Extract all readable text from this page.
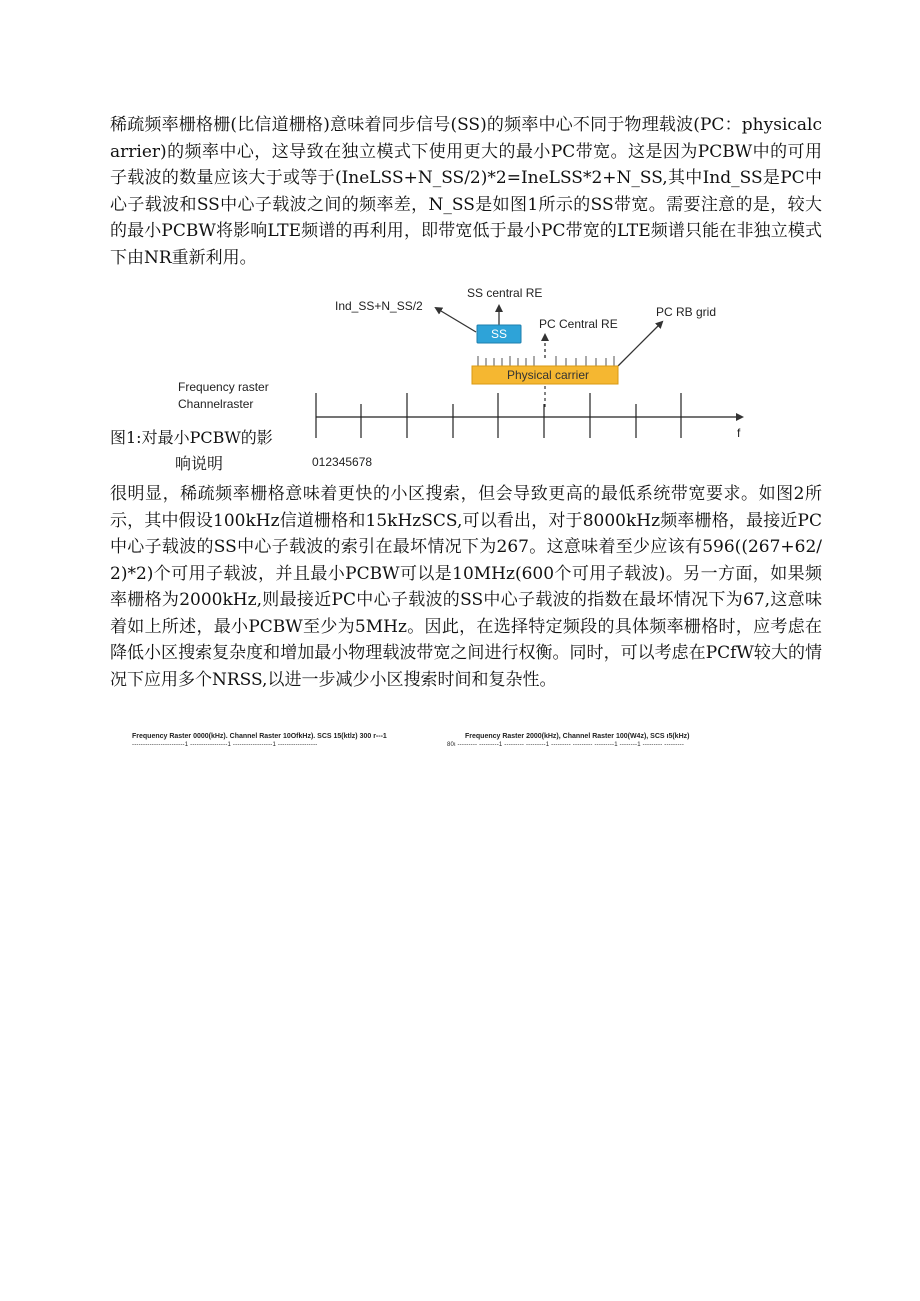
稀疏频率栅格栅(比信道栅格)意味着同步信号(SS)的频率中心不同于物理载波(PC：physicalcarrier)的频率中心，这导致在独立模式下使用更大的最小PC带宽。这是因为PCBW中的可用子载波的数量应该大于或等于(IneLSS+N_SS/2)*2=IneLSS*2+N_SS,其中Ind_SS是PC中心子载波和SS中心子载波之间的频率差，N_SS是如图1所示的SS带宽。需要注意的是，较大的最小PCBW将影响LTE频谱的再利用，即带宽低于最小PC带宽的LTE频谱只能在非独立模式下由NR重新利用。

Ind_SS+N_SS/2
SS central RE
PC Central RE
PC RB grid
SS
Physical carrier
Frequency raster
Channelraster
f
012345678
图1:对最小PCBW的影
响说明

很明显，稀疏频率栅格意味着更快的小区搜索，但会导致更高的最低系统带宽要求。如图2所示，其中假设100kHz信道栅格和15kHzSCS,可以看出，对于8000kHz频率栅格，最接近PC中心子载波的SS中心子载波的索引在最坏情况下为267。这意味着至少应该有596((267+62/2)*2)个可用子载波，并且最小PCBW可以是10MHz(600个可用子载波)。另一方面，如果频率栅格为2000kHz,则最接近PC中心子载波的SS中心子载波的指数在最坏情况下为67,这意味着如上所述，最小PCBW至少为5MHz。因此，在选择特定频段的具体频率栅格时，应考虑在降低小区搜索复杂度和增加最小物理载波带宽之间进行权衡。同时，可以考虑在PCfW较大的情况下应用多个NRSS,以进一步减少小区搜索时间和复杂性。

Frequency Raster 0000(kHz). Channel Raster 10OfkHz). SCS 15(ktlz) 300 r---1
------------------------1 -----------------1 ------------------1 ------------------
Frequency Raster 2000(kHz), Channel Raster 100(W4z), SCS ι5(kHz)
80ι --------- ---------1 --------- ---------1 --------- --------- ---------1 --------1 --------- ---------
